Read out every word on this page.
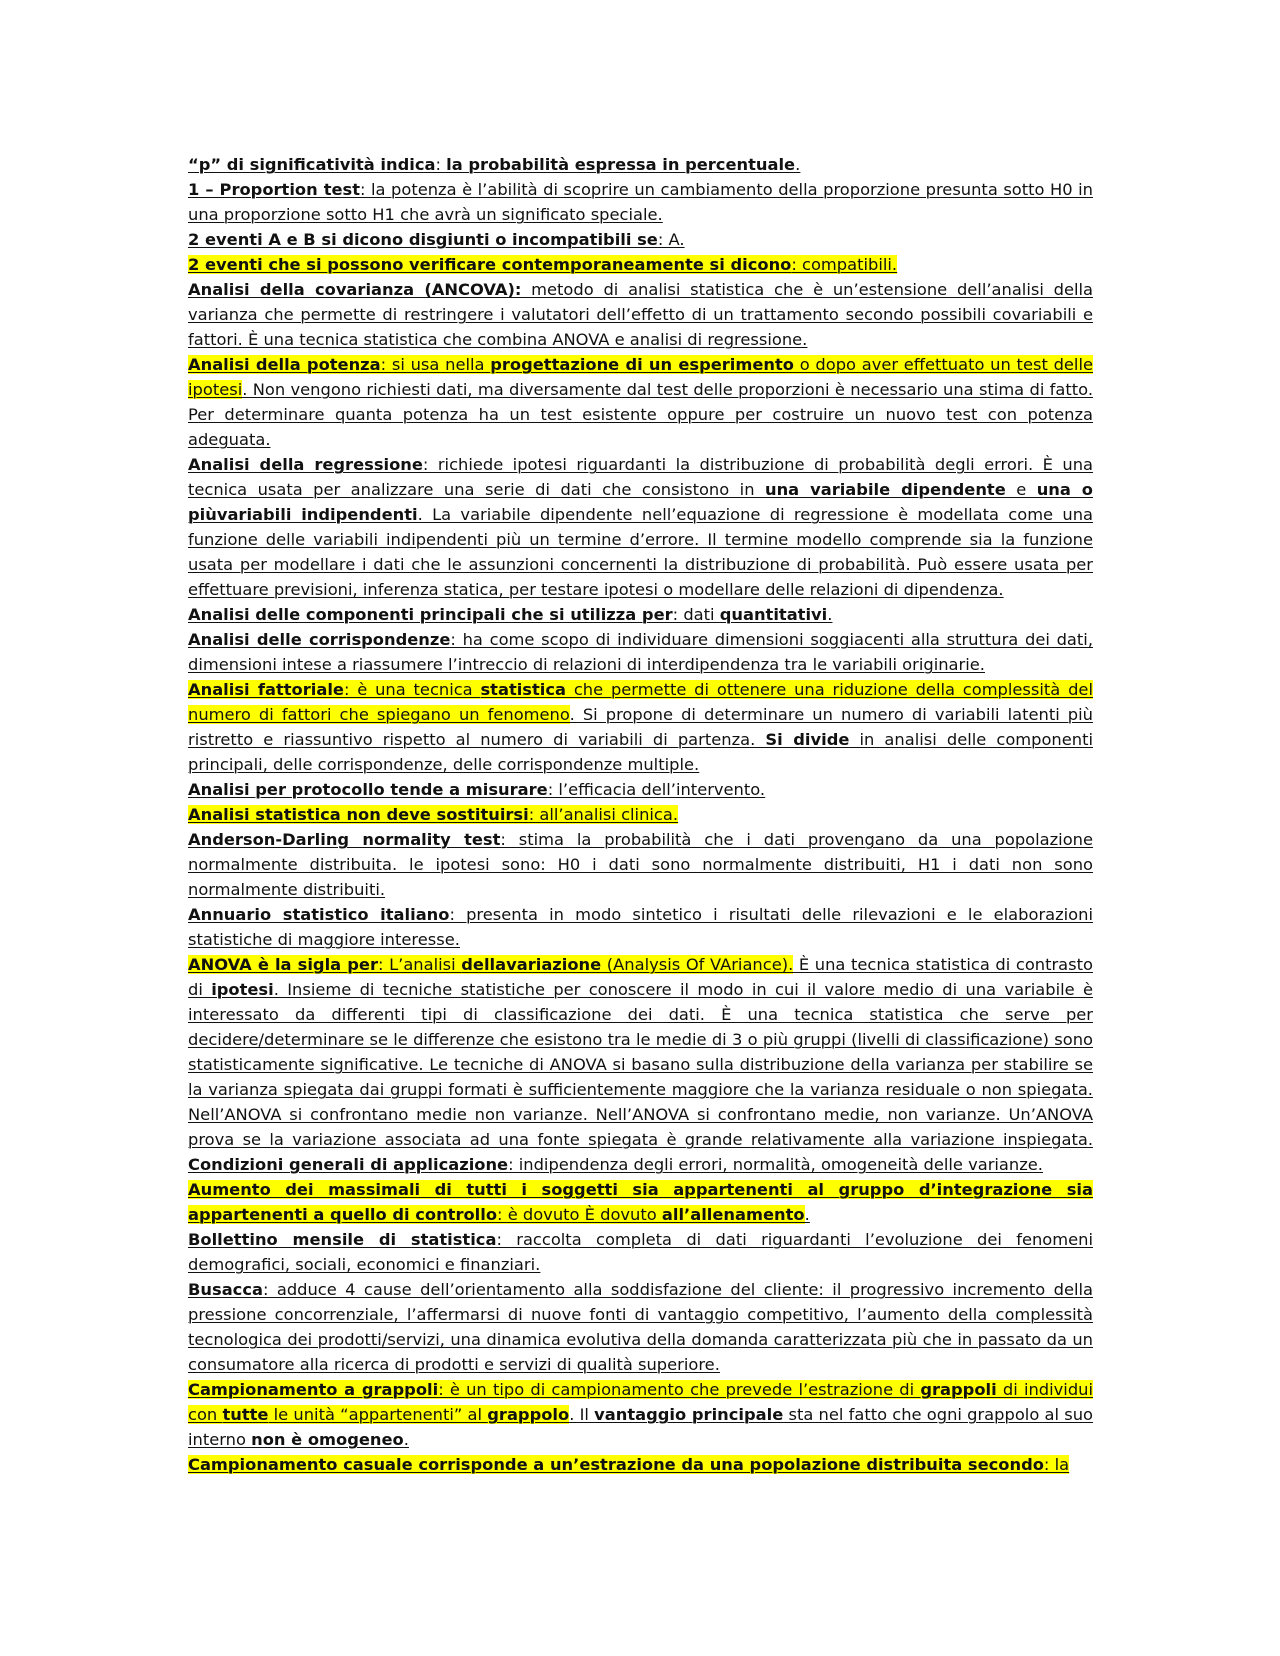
“p” di significatività indica: la probabilità espressa in percentuale.

1 – Proportion test: la potenza è l’abilità di scoprire un cambiamento della proporzione presunta sotto H0 in una proporzione sotto H1 che avrà un significato speciale.

2 eventi A e B si dicono disgiunti o incompatibili se: A.

2 eventi che si possono verificare contemporaneamente si dicono: compatibili.

Analisi della covarianza (ANCOVA): metodo di analisi statistica che è un’estensione dell’analisi della varianza che permette di restringere i valutatori dell’effetto di un trattamento secondo possibili covariabili e fattori. È una tecnica statistica che combina ANOVA e analisi di regressione.

Analisi della potenza: si usa nella progettazione di un esperimento o dopo aver effettuato un test delle ipotesi. Non vengono richiesti dati, ma diversamente dal test delle proporzioni è necessario una stima di fatto. Per determinare quanta potenza ha un test esistente oppure per costruire un nuovo test con potenza adeguata.

Analisi della regressione: richiede ipotesi riguardanti la distribuzione di probabilità degli errori. È una tecnica usata per analizzare una serie di dati che consistono in una variabile dipendente e una o piùvariabili indipendenti. La variabile dipendente nell’equazione di regressione è modellata come una funzione delle variabili indipendenti più un termine d’errore. Il termine modello comprende sia la funzione usata per modellare i dati che le assunzioni concernenti la distribuzione di probabilità. Può essere usata per effettuare previsioni, inferenza statica, per testare ipotesi o modellare delle relazioni di dipendenza.

Analisi delle componenti principali che si utilizza per: dati quantitativi.

Analisi delle corrispondenze: ha come scopo di individuare dimensioni soggiacenti alla struttura dei dati, dimensioni intese a riassumere l’intreccio di relazioni di interdipendenza tra le variabili originarie.

Analisi fattoriale: è una tecnica statistica che permette di ottenere una riduzione della complessità del numero di fattori che spiegano un fenomeno. Si propone di determinare un numero di variabili latenti più ristretto e riassuntivo rispetto al numero di variabili di partenza. Si divide in analisi delle componenti principali, delle corrispondenze, delle corrispondenze multiple.

Analisi per protocollo tende a misurare: l’efficacia dell’intervento.

Analisi statistica non deve sostituirsi: all’analisi clinica.

Anderson-Darling normality test: stima la probabilità che i dati provengano da una popolazione normalmente distribuita. le ipotesi sono: H0 i dati sono normalmente distribuiti, H1 i dati non sono normalmente distribuiti.

Annuario statistico italiano: presenta in modo sintetico i risultati delle rilevazioni e le elaborazioni statistiche di maggiore interesse.

ANOVA è la sigla per: L’analisi dellavariazione (Analysis Of VAriance). È una tecnica statistica di contrasto di ipotesi. Insieme di tecniche statistiche per conoscere il modo in cui il valore medio di una variabile è interessato da differenti tipi di classificazione dei dati. È una tecnica statistica che serve per decidere/determinare se le differenze che esistono tra le medie di 3 o più gruppi (livelli di classificazione) sono statisticamente significative. Le tecniche di ANOVA si basano sulla distribuzione della varianza per stabilire se la varianza spiegata dai gruppi formati è sufficientemente maggiore che la varianza residuale o non spiegata. Nell’ANOVA si confrontano medie non varianze. Nell’ANOVA si confrontano medie, non varianze. Un’ANOVA prova se la variazione associata ad una fonte spiegata è grande relativamente alla variazione inspiegata. Condizioni generali di applicazione: indipendenza degli errori, normalità, omogeneità delle varianze.

Aumento dei massimali di tutti i soggetti sia appartenenti al gruppo d’integrazione sia appartenenti a quello di controllo: è dovuto È dovuto all’allenamento.

Bollettino mensile di statistica: raccolta completa di dati riguardanti l’evoluzione dei fenomeni demografici, sociali, economici e finanziari.

Busacca: adduce 4 cause dell’orientamento alla soddisfazione del cliente: il progressivo incremento della pressione concorrenziale, l’affermarsi di nuove fonti di vantaggio competitivo, l’aumento della complessità tecnologica dei prodotti/servizi, una dinamica evolutiva della domanda caratterizzata più che in passato da un consumatore alla ricerca di prodotti e servizi di qualità superiore.

Campionamento a grappoli: è un tipo di campionamento che prevede l’estrazione di grappoli di individui con tutte le unità “appartenenti” al grappolo. Il vantaggio principale sta nel fatto che ogni grappolo al suo interno non è omogeneo.

Campionamento casuale corrisponde a un’estrazione da una popolazione distribuita secondo: la
